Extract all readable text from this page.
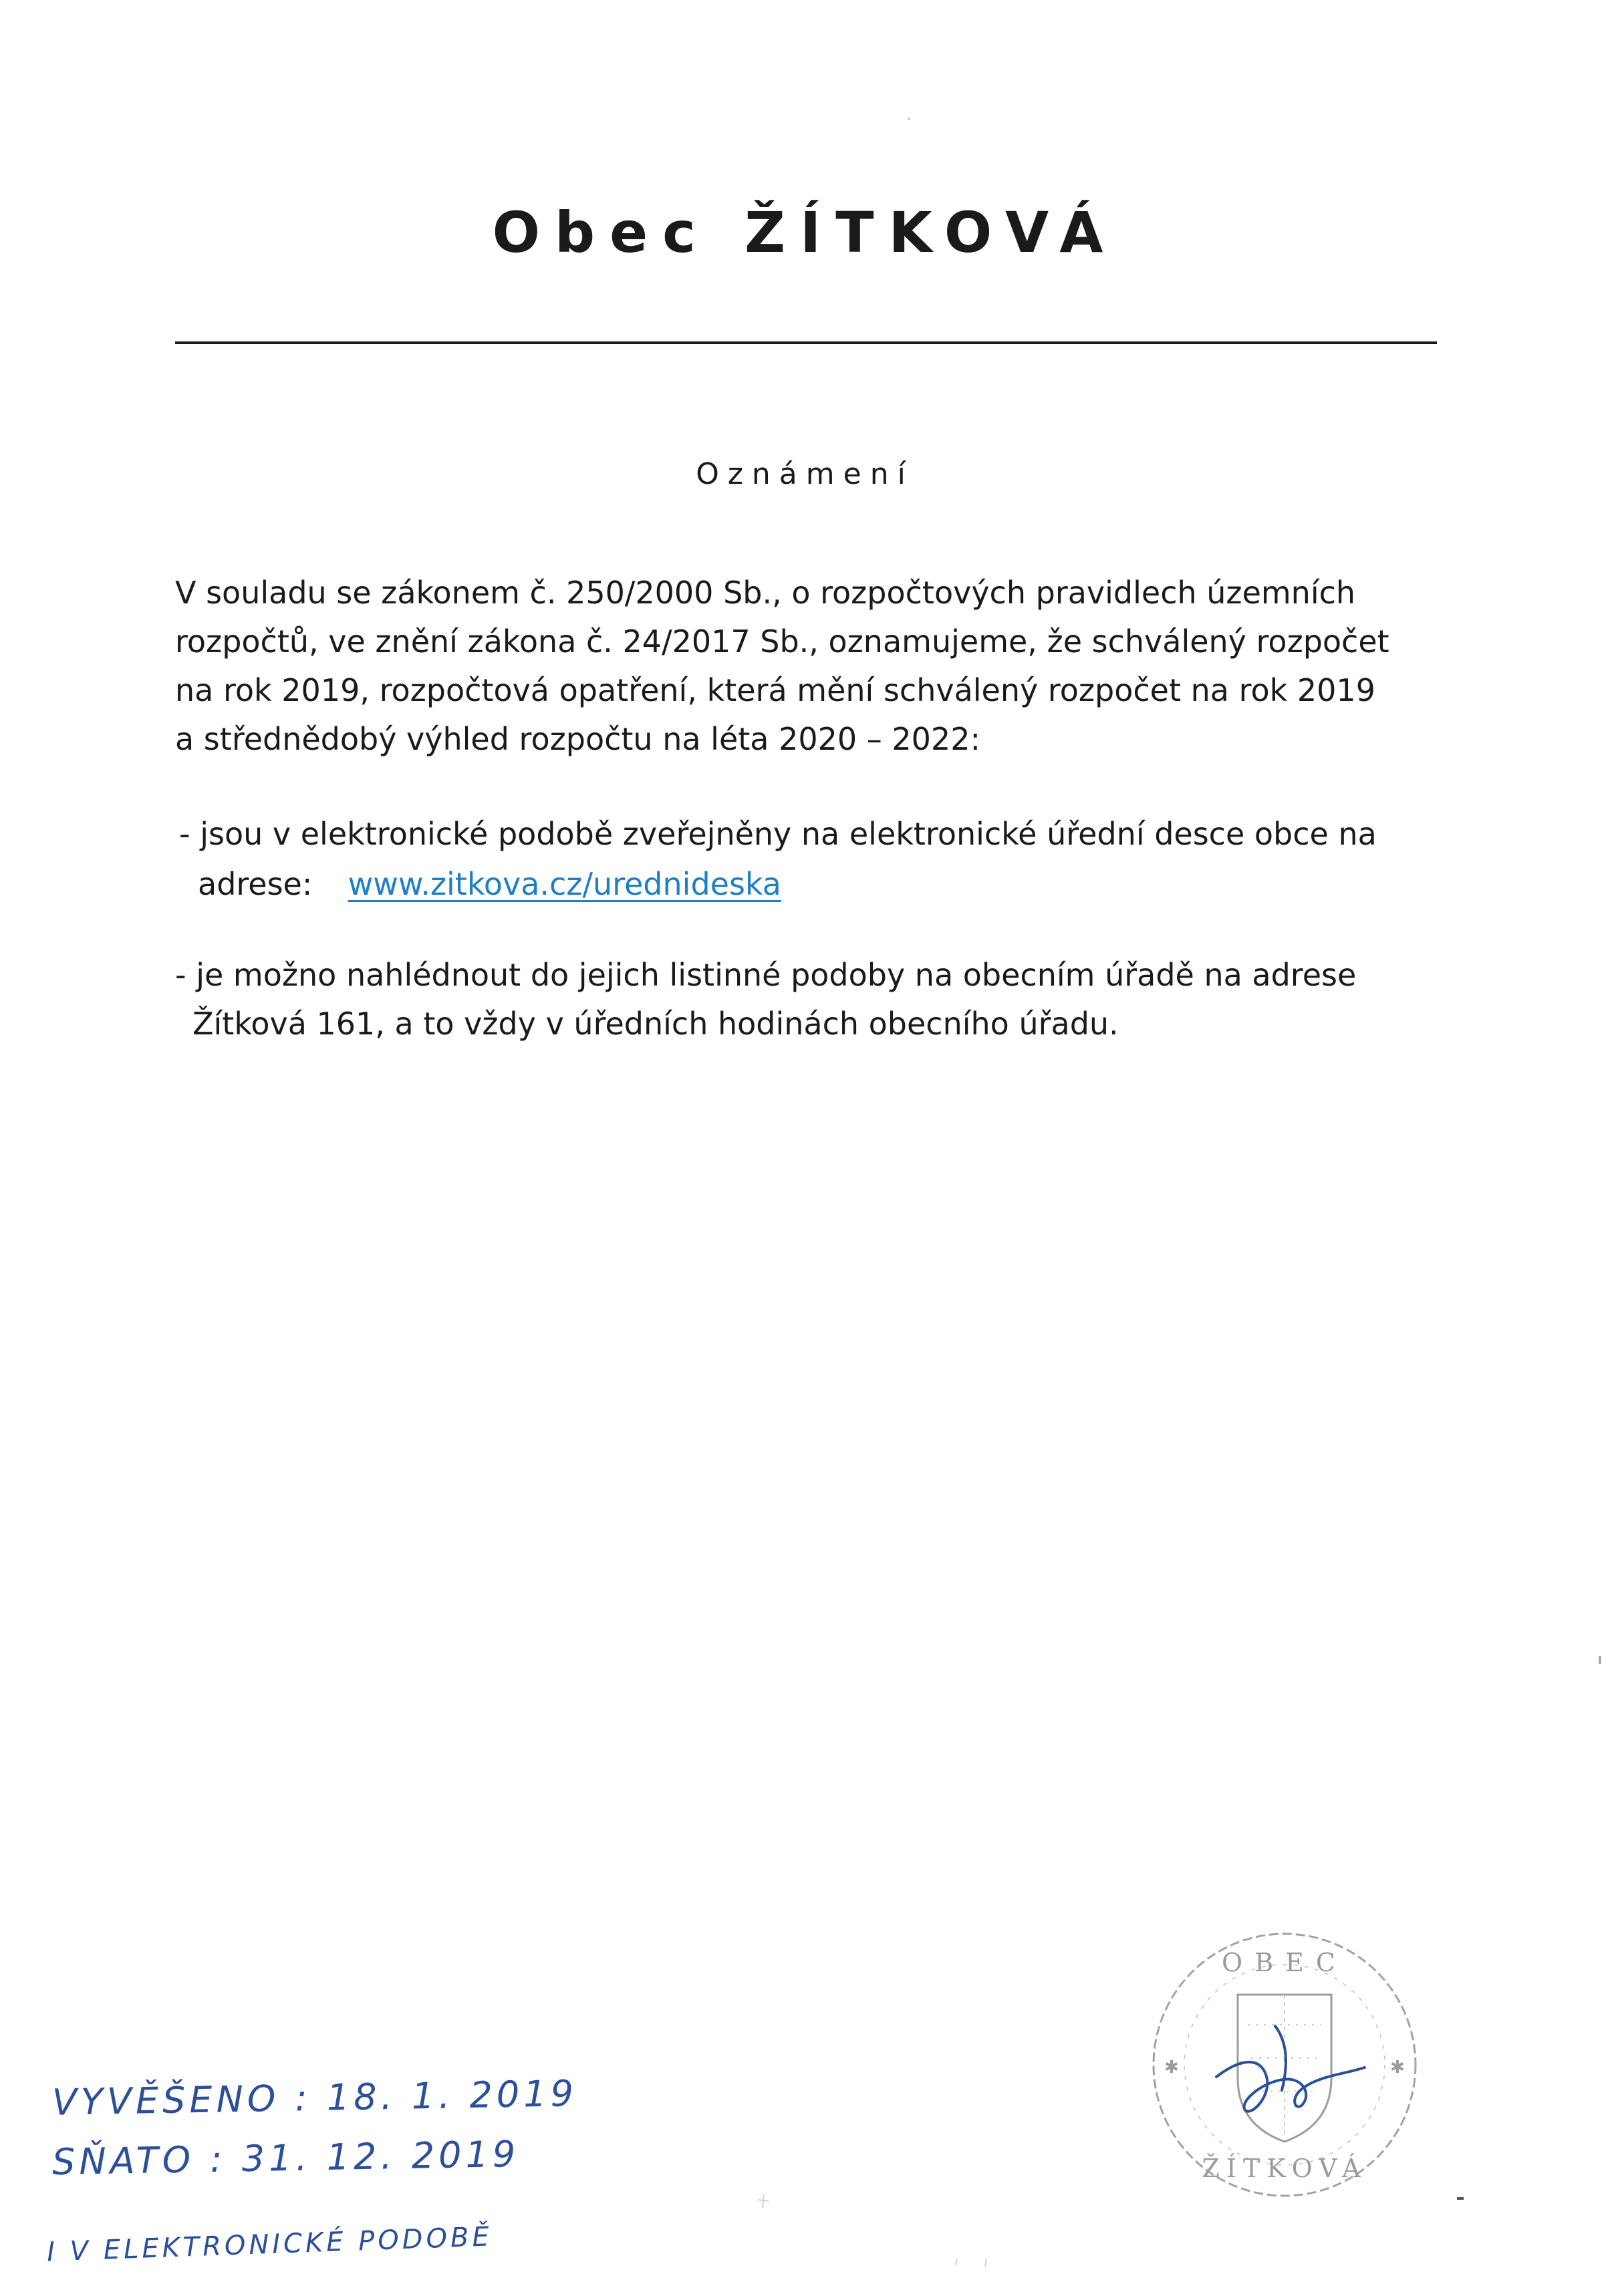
Obec ŽÍTKOVÁ
Oznámení
V souladu se zákonem č. 250/2000 Sb., o rozpočtových pravidlech územních
rozpočtů, ve znění zákona č. 24/2017 Sb., oznamujeme, že schválený rozpočet
na rok 2019, rozpočtová opatření, která mění schválený rozpočet na rok 2019
a střednědobý výhled rozpočtu na léta 2020 – 2022:
- jsou v elektronické podobě zveřejněny na elektronické úřední desce obce na
adrese: www.zitkova.cz/urednideska
- je možno nahlédnout do jejich listinné podoby na obecním úřadě na adrese
Žítková 161, a to vždy v úředních hodinách obecního úřadu.
VYVĚŠENO : 18. 1. 2019
SŇATO : 31. 12. 2019
I V ELEKTRONICKÉ PODOBĚ
OBEC
ŽÍTKOVÁ
✱	✱
